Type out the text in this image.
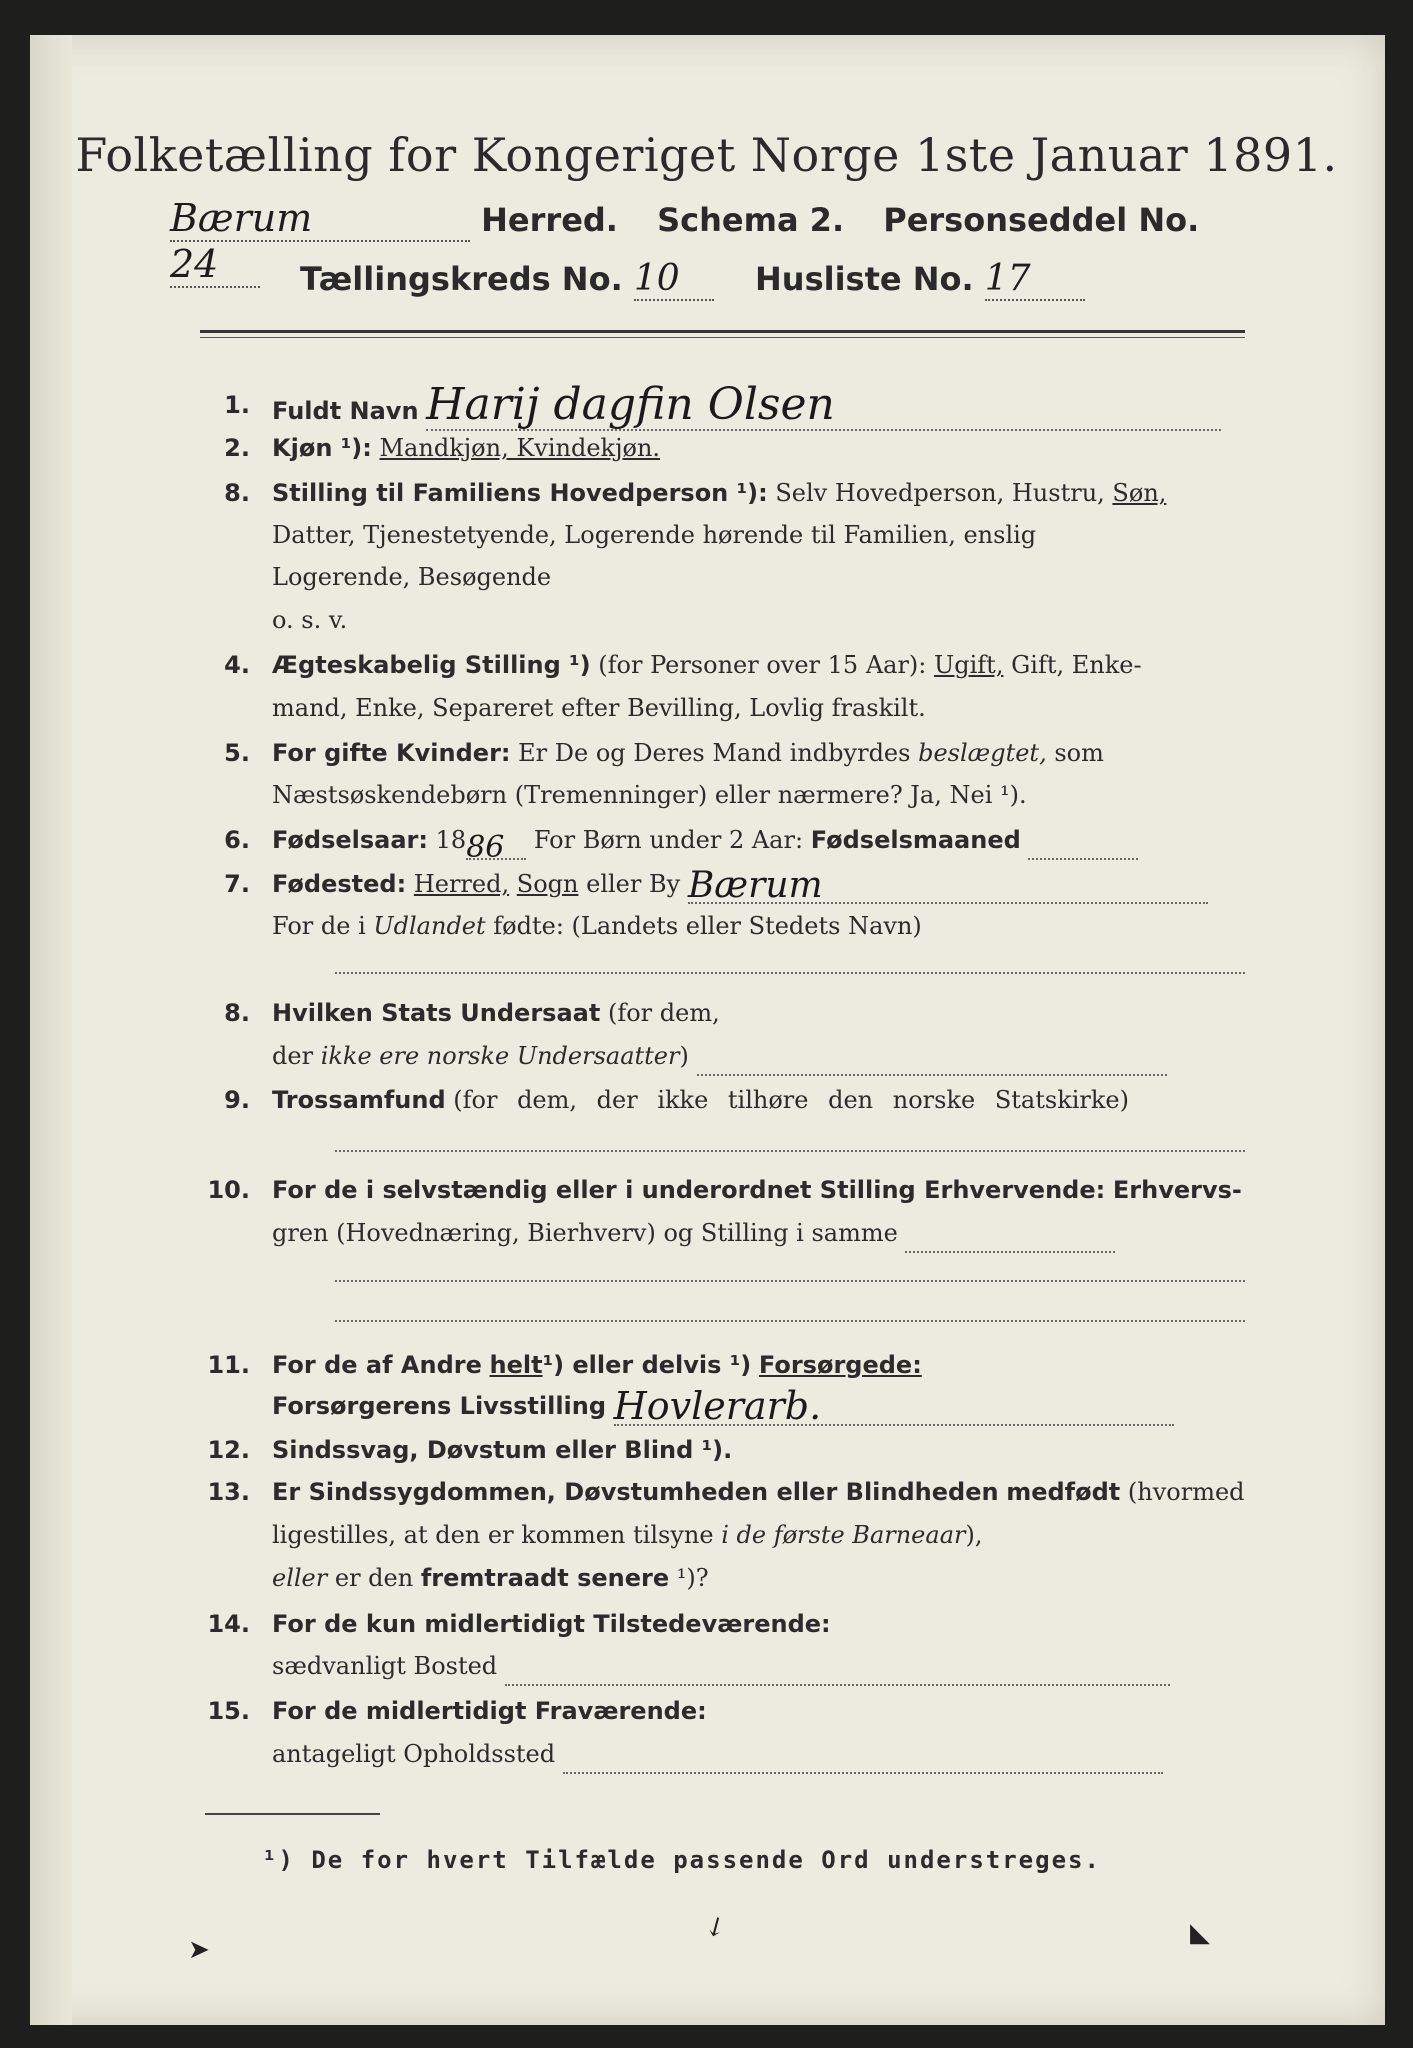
Folketælling for Kongeriget Norge 1ste Januar 1891.
Bærum	Herred. Schema 2. Personseddel No. 24	Tællingskreds No. 10 Husliste No. 17
1. Fuldt Navn Harij dagfin Olsen
2. Kjøn ¹): Mandkjøn, Kvindekjøn.
8. Stilling til Familiens Hovedperson ¹): Selv Hovedperson, Hustru, Søn,
Datter, Tjenestetyende, Logerende hørende til Familien, enslig
Logerende, Besøgende
o. s. v.
4. Ægteskabelig Stilling ¹) (for Personer over 15 Aar): Ugift, Gift, Enke-
mand, Enke, Separeret efter Bevilling, Lovlig fraskilt.
5. For gifte Kvinder: Er De og Deres Mand indbyrdes beslægtet, som
Næstsøskendebørn (Tremenninger) eller nærmere? Ja, Nei ¹).
6. Fødselsaar: 1886 For Børn under 2 Aar: Fødselsmaaned
7. Fødested: Herred, Sogn eller By Bærum
For de i Udlandet fødte: (Landets eller Stedets Navn)
8. Hvilken Stats Undersaat (for dem,
der ikke ere norske Undersaatter)
9. Trossamfund (for dem, der ikke tilhøre den norske Statskirke)
10. For de i selvstændig eller i underordnet Stilling Erhvervende: Erhvervs-
gren (Hovednæring, Bierhverv) og Stilling i samme
11. For de af Andre helt¹) eller delvis ¹) Forsørgede:
Forsørgerens Livsstilling Hovlerarb.
12. Sindssvag, Døvstum eller Blind ¹).
13. Er Sindssygdommen, Døvstumheden eller Blindheden medfødt (hvormed
ligestilles, at den er kommen tilsyne i de første Barneaar),
eller er den fremtraadt senere ¹)?
14. For de kun midlertidigt Tilstedeværende:
sædvanligt Bosted
15. For de midlertidigt Fraværende:
antageligt Opholdssted
¹) De for hvert Tilfælde passende Ord understreges.
➤
↙	◣
